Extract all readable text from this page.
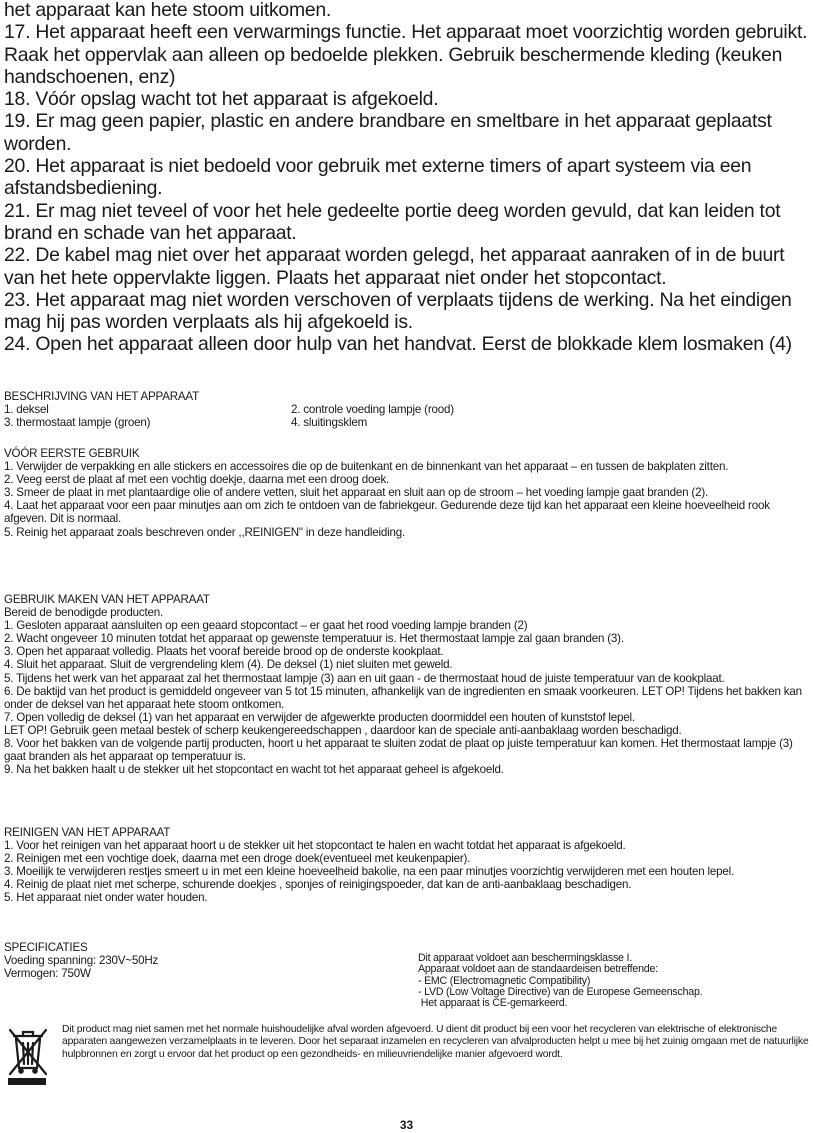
het apparaat kan hete stoom uitkomen.

17. Het apparaat heeft een verwarmings functie. Het apparaat moet voorzichtig worden gebruikt. Raak het oppervlak aan alleen op bedoelde plekken. Gebruik beschermende kleding (keuken handschoenen, enz)

18. Vóór opslag wacht tot het apparaat is afgekoeld.

19. Er mag geen papier, plastic en andere brandbare en smeltbare in het apparaat geplaatst worden.

20. Het apparaat is niet bedoeld voor gebruik met externe timers of apart systeem via een afstandsbediening.

21. Er mag niet teveel of voor het hele gedeelte portie deeg worden gevuld, dat kan leiden tot brand en schade van het apparaat.

22. De kabel mag niet over het apparaat worden gelegd, het apparaat aanraken of in de buurt van het hete oppervlakte liggen. Plaats het apparaat niet onder het stopcontact.

23. Het apparaat mag niet worden verschoven of verplaats tijdens de werking. Na het eindigen mag hij pas worden verplaats als hij afgekoeld is.

24. Open het apparaat alleen door hulp van het handvat. Eerst de blokkade klem losmaken (4)

BESCHRIJVING VAN HET APPARAAT

1. deksel	2. controle voeding lampje (rood)
3. thermostaat lampje (groen)	4. sluitingsklem

VÓÓR EERSTE GEBRUIK

1. Verwijder de verpakking en alle stickers en accessoires die op de buitenkant en de binnenkant van het apparaat – en tussen de bakplaten zitten.

2. Veeg eerst de plaat af met een vochtig doekje, daarna met een droog doek.

3. Smeer de plaat in met plantaardige olie of andere vetten, sluit het apparaat en sluit aan op de stroom – het voeding lampje gaat branden (2).

4. Laat het apparaat voor een paar minutjes aan om zich te ontdoen van de fabriekgeur. Gedurende deze tijd kan het apparaat een kleine hoeveelheid rook afgeven. Dit is normaal.

5. Reinig het apparaat zoals beschreven onder ,,REINIGEN" in deze handleiding.

GEBRUIK MAKEN VAN HET APPARAAT

Bereid de benodigde producten.

1. Gesloten apparaat aansluiten op een geaard stopcontact – er gaat het rood voeding lampje branden (2)

2. Wacht ongeveer 10 minuten totdat het apparaat op gewenste temperatuur is. Het thermostaat lampje zal gaan branden (3).

3. Open het apparaat volledig. Plaats het vooraf bereide brood op de onderste kookplaat.

4. Sluit het apparaat. Sluit de vergrendeling klem (4). De deksel (1) niet sluiten met geweld.

5. Tijdens het werk van het apparaat zal het thermostaat lampje (3) aan en uit gaan - de thermostaat houd de juiste temperatuur van de kookplaat.

6. De baktijd van het product is gemiddeld ongeveer van 5 tot 15 minuten, afhankelijk van de ingredienten en smaak voorkeuren. LET OP! Tijdens het bakken kan onder de deksel van het apparaat hete stoom ontkomen.

7. Open volledig de deksel (1) van het apparaat en verwijder de afgewerkte producten doormiddel een houten of kunststof lepel.

LET OP! Gebruik geen metaal bestek of scherp keukengereedschappen , daardoor kan de speciale anti-aanbaklaag worden beschadigd.

8. Voor het bakken van de volgende partij producten, hoort u het apparaat te sluiten zodat de plaat op juiste temperatuur kan komen. Het thermostaat lampje (3) gaat branden als het apparaat op temperatuur is.

9. Na het bakken haalt u de stekker uit het stopcontact en wacht tot het apparaat geheel is afgekoeld.

REINIGEN VAN HET APPARAAT

1. Voor het reinigen van het apparaat hoort u de stekker uit het stopcontact te halen en wacht totdat het apparaat is afgekoeld.

2. Reinigen met een vochtige doek, daarna met een droge doek(eventueel met keukenpapier).

3. Moeilijk te verwijderen restjes smeert u in met een kleine hoeveelheid bakolie, na een paar minutjes voorzichtig verwijderen met een houten lepel.

4. Reinig de plaat niet met scherpe, schurende doekjes , sponjes of reinigingspoeder, dat kan de anti-aanbaklaag beschadigen.

5. Het apparaat niet onder water houden.

SPECIFICATIES

Voeding spanning: 230V~50Hz

Vermogen: 750W

Dit apparaat voldoet aan beschermingsklasse I.

Apparaat voldoet aan de standaardeisen betreffende:

- EMC (Electromagnetic Compatibility)

- LVD (Low Voltage Directive) van de Europese Gemeenschap.

Het apparaat is CE-gemarkeerd.

Dit product mag niet samen met het normale huishoudelijke afval worden afgevoerd. U dient dit product bij een voor het recycleren van elektrische of elektronische apparaten aangewezen verzamelplaats in te leveren. Door het separaat inzamelen en recycleren van afvalproducten helpt u mee bij het zuinig omgaan met de natuurlijke hulpbronnen en zorgt u ervoor dat het product op een gezondheids- en milieuvriendelijke manier afgevoerd wordt.

33
